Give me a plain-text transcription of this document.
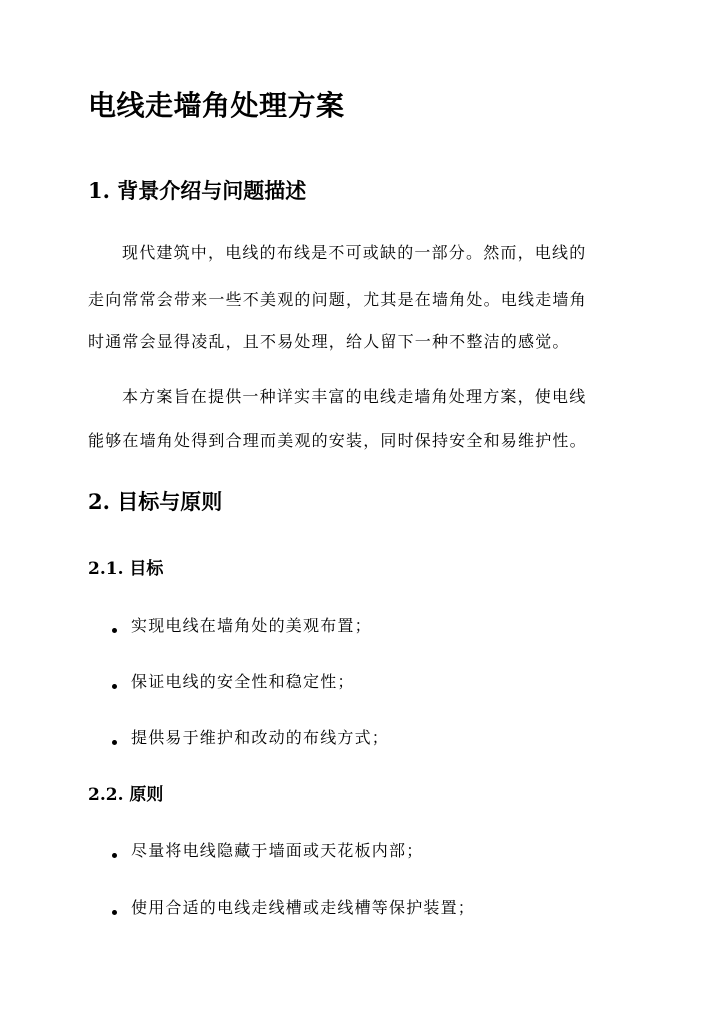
电线走墙角处理方案
1. 背景介绍与问题描述
现代建筑中，电线的布线是不可或缺的一部分。然而，电线的
走向常常会带来一些不美观的问题，尤其是在墙角处。电线走墙角
时通常会显得凌乱，且不易处理，给人留下一种不整洁的感觉。
本方案旨在提供一种详实丰富的电线走墙角处理方案，使电线
能够在墙角处得到合理而美观的安装，同时保持安全和易维护性。
2. 目标与原则
2.1. 目标
实现电线在墙角处的美观布置；
保证电线的安全性和稳定性；
提供易于维护和改动的布线方式；
2.2. 原则
尽量将电线隐藏于墙面或天花板内部；
使用合适的电线走线槽或走线槽等保护装置；
